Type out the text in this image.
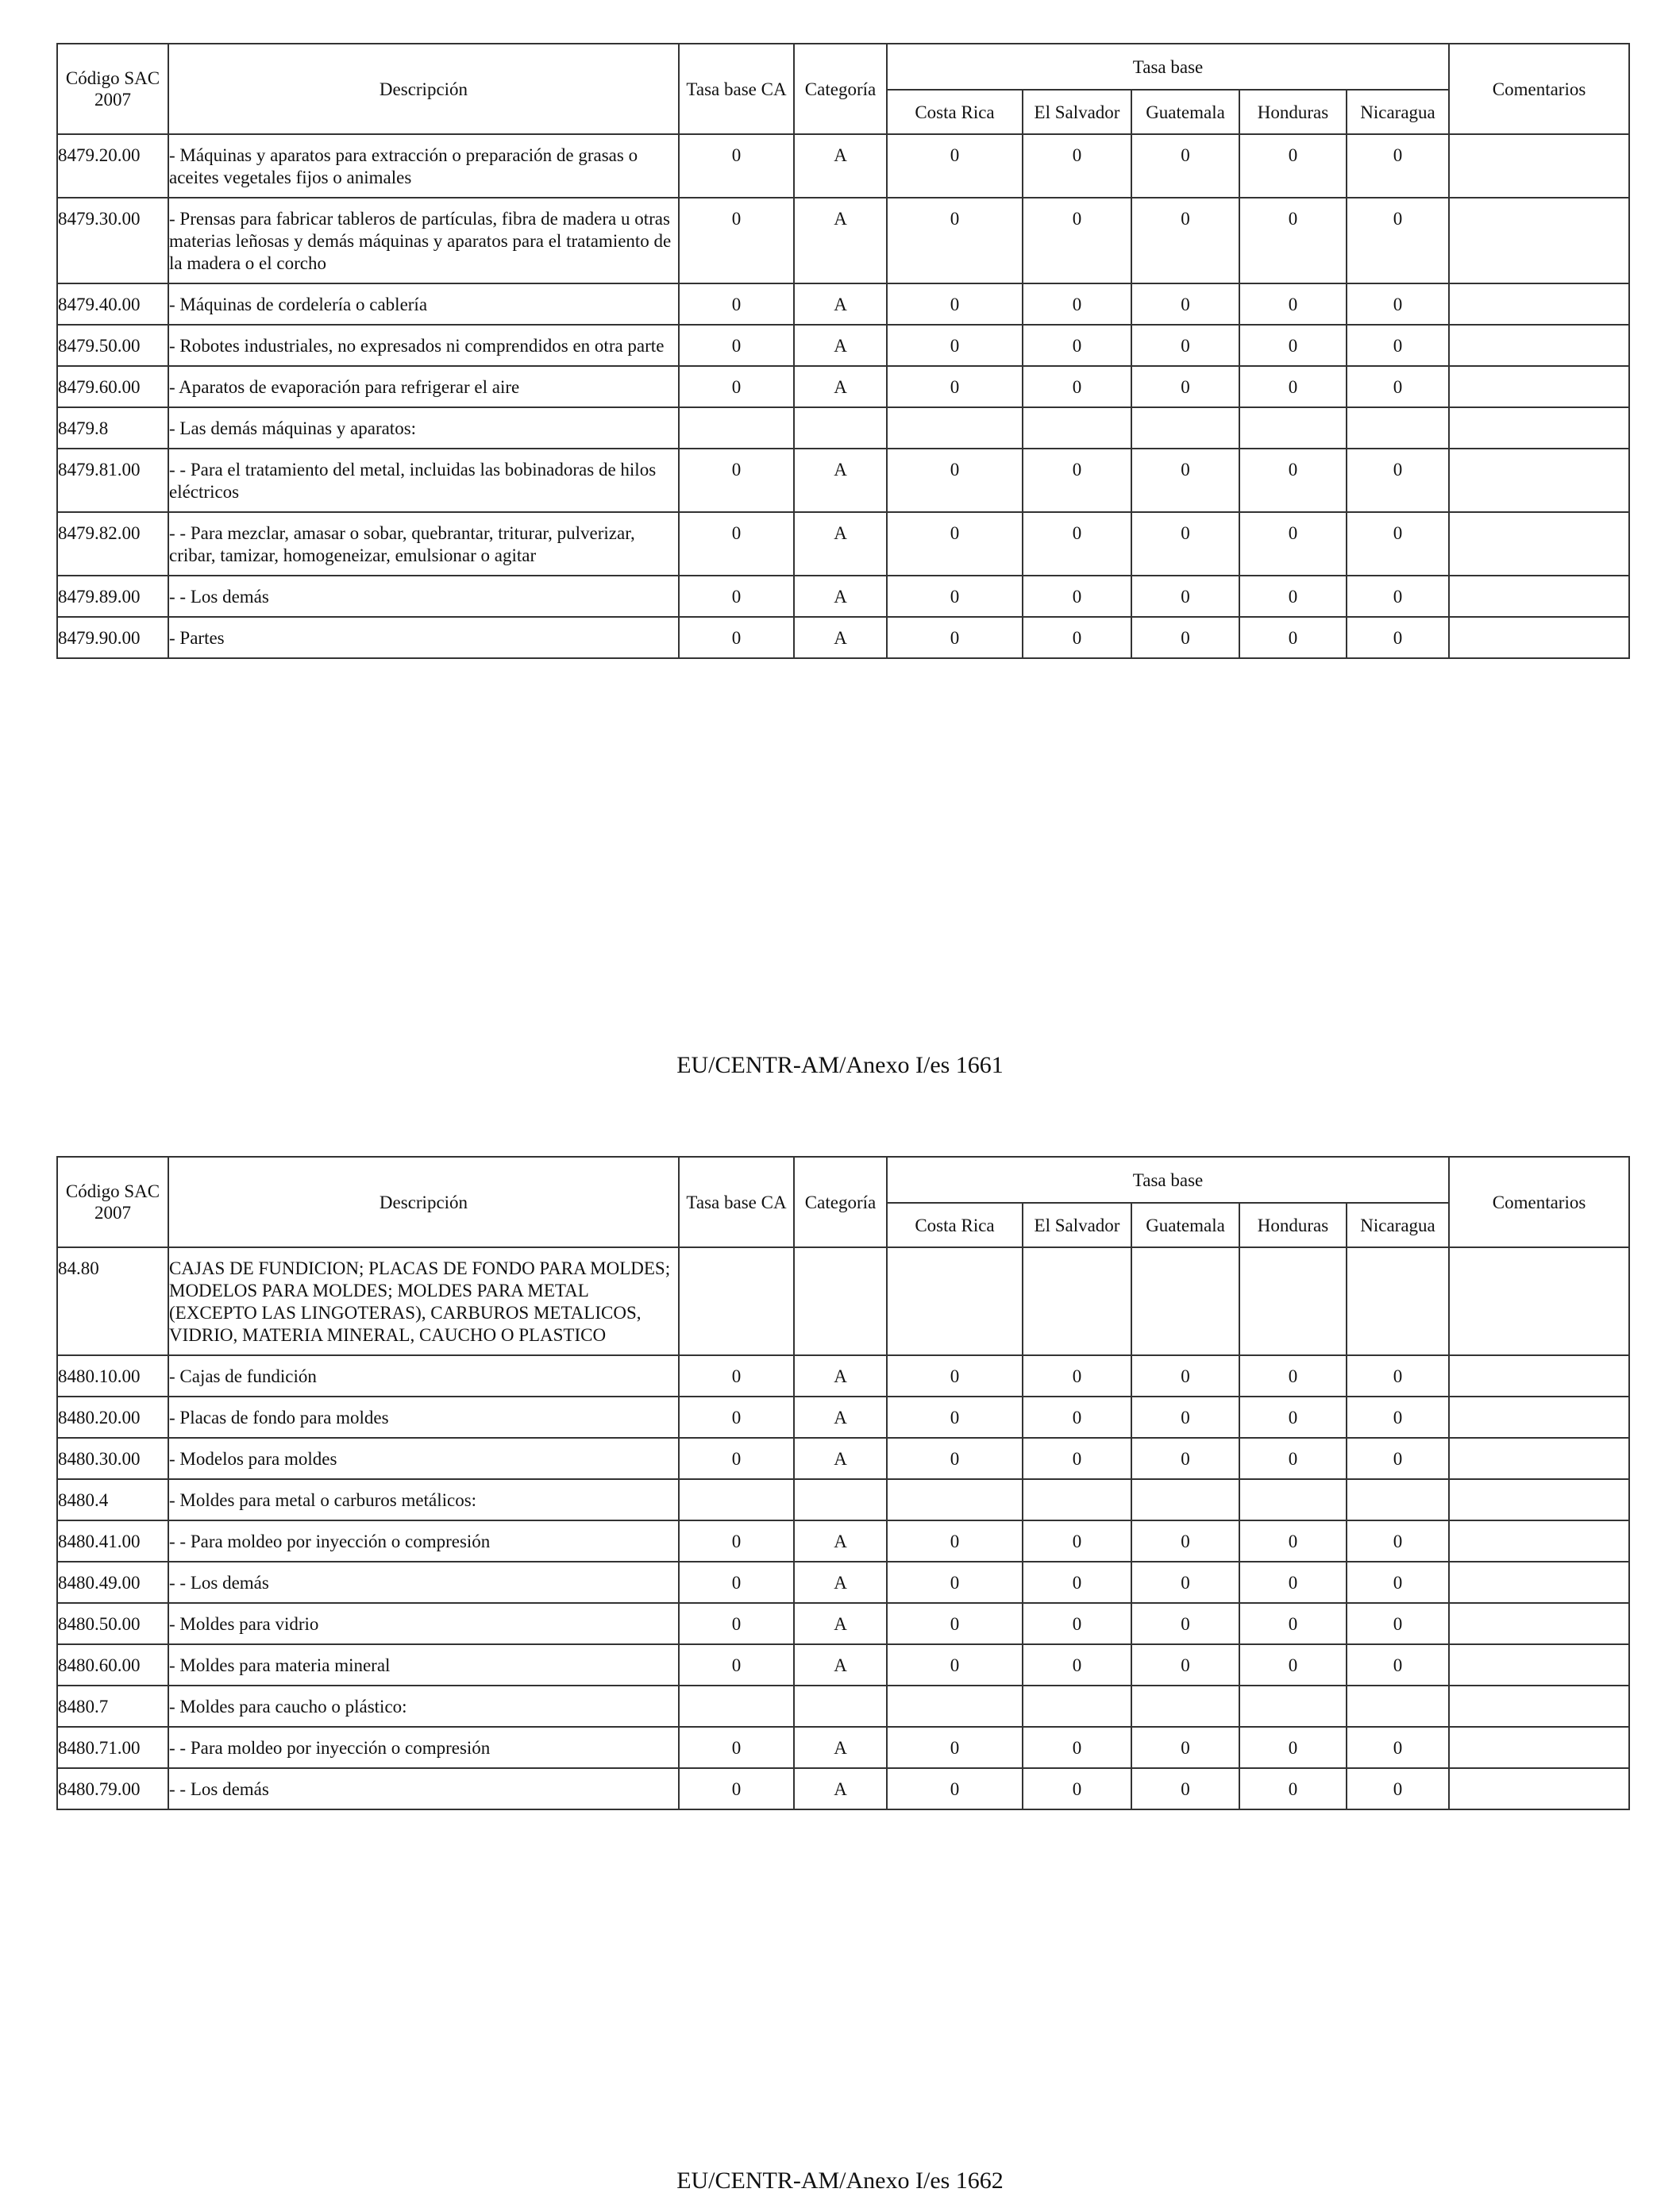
Código SAC 2007	Descripción	Tasa base CA	Categoría	Tasa base					Comentarios
				Costa Rica	El Salvador	Guatemala	Honduras	Nicaragua	
8479.20.00	- Máquinas y aparatos para extracción o preparación de grasas o aceites vegetales fijos o animales	0	A	0	0	0	0	0	
8479.30.00	- Prensas para fabricar tableros de partículas, fibra de madera u otras materias leñosas y demás máquinas y aparatos para el tratamiento de la madera o el corcho	0	A	0	0	0	0	0	
8479.40.00	- Máquinas de cordelería o cablería	0	A	0	0	0	0	0	
8479.50.00	- Robotes industriales, no expresados ni comprendidos en otra parte	0	A	0	0	0	0	0	
8479.60.00	- Aparatos de evaporación para refrigerar el aire	0	A	0	0	0	0	0	
8479.8	- Las demás máquinas y aparatos:								
8479.81.00	- - Para el tratamiento del metal, incluidas las bobinadoras de hilos eléctricos	0	A	0	0	0	0	0	
8479.82.00	- - Para mezclar, amasar o sobar, quebrantar, triturar, pulverizar, cribar, tamizar, homogeneizar, emulsionar o agitar	0	A	0	0	0	0	0	
8479.89.00	- - Los demás	0	A	0	0	0	0	0	
8479.90.00	- Partes	0	A	0	0	0	0	0	
EU/CENTR-AM/Anexo I/es 1661
Código SAC 2007	Descripción	Tasa base CA	Categoría	Tasa base					Comentarios
				Costa Rica	El Salvador	Guatemala	Honduras	Nicaragua	
84.80	CAJAS DE FUNDICION; PLACAS DE FONDO PARA MOLDES; MODELOS PARA MOLDES; MOLDES PARA METAL (EXCEPTO LAS LINGOTERAS), CARBUROS METALICOS, VIDRIO, MATERIA MINERAL, CAUCHO O PLASTICO								
8480.10.00	- Cajas de fundición	0	A	0	0	0	0	0	
8480.20.00	- Placas de fondo para moldes	0	A	0	0	0	0	0	
8480.30.00	- Modelos para moldes	0	A	0	0	0	0	0	
8480.4	- Moldes para metal o carburos metálicos:								
8480.41.00	- - Para moldeo por inyección o compresión	0	A	0	0	0	0	0	
8480.49.00	- - Los demás	0	A	0	0	0	0	0	
8480.50.00	- Moldes para vidrio	0	A	0	0	0	0	0	
8480.60.00	- Moldes para materia mineral	0	A	0	0	0	0	0	
8480.7	- Moldes para caucho o plástico:								
8480.71.00	- - Para moldeo por inyección o compresión	0	A	0	0	0	0	0	
8480.79.00	- - Los demás	0	A	0	0	0	0	0	
EU/CENTR-AM/Anexo I/es 1662
